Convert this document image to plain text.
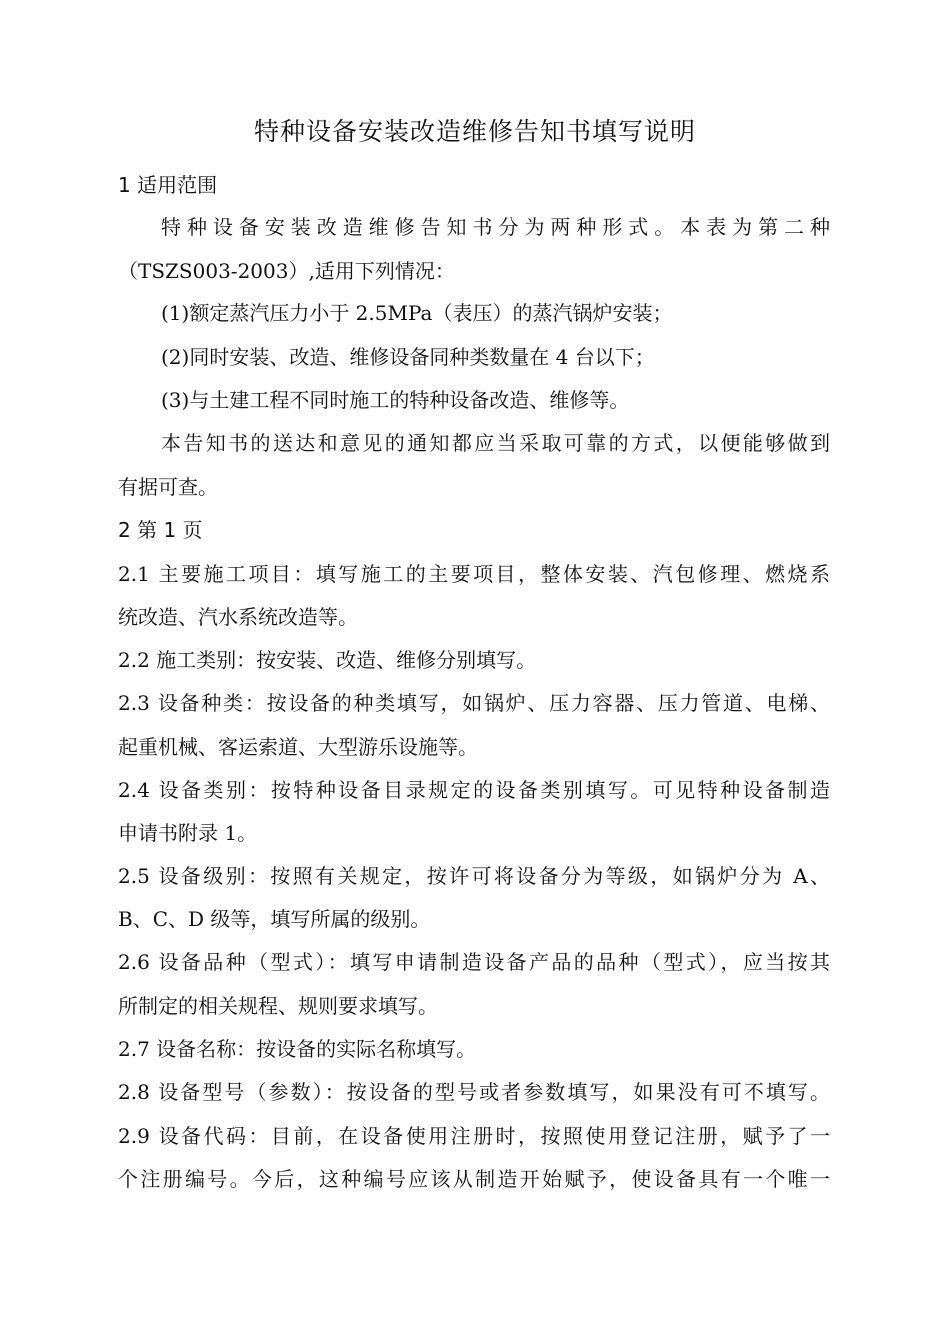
特种设备安装改造维修告知书填写说明
1 适用范围
特种设备安装改造维修告知书分为两种形式。本表为第二种
（TSZS003-2003）,适用下列情况：
(1)额定蒸汽压力小于 2.5MPa（表压）的蒸汽锅炉安装；
(2)同时安装、改造、维修设备同种类数量在 4 台以下；
(3)与土建工程不同时施工的特种设备改造、维修等。
本告知书的送达和意见的通知都应当采取可靠的方式，以便能够做到
有据可查。
2 第 1 页
2.1 主要施工项目：填写施工的主要项目，整体安装、汽包修理、燃烧系
统改造、汽水系统改造等。
2.2 施工类别：按安装、改造、维修分别填写。
2.3 设备种类：按设备的种类填写，如锅炉、压力容器、压力管道、电梯、
起重机械、客运索道、大型游乐设施等。
2.4 设备类别：按特种设备目录规定的设备类别填写。可见特种设备制造
申请书附录 1。
2.5 设备级别：按照有关规定，按许可将设备分为等级，如锅炉分为 A、
B、C、D 级等，填写所属的级别。
2.6 设备品种（型式）：填写申请制造设备产品的品种（型式），应当按其
所制定的相关规程、规则要求填写。
2.7 设备名称：按设备的实际名称填写。
2.8 设备型号（参数）：按设备的型号或者参数填写，如果没有可不填写。
2.9 设备代码：目前，在设备使用注册时，按照使用登记注册，赋予了一
个注册编号。今后，这种编号应该从制造开始赋予，使设备具有一个唯一
